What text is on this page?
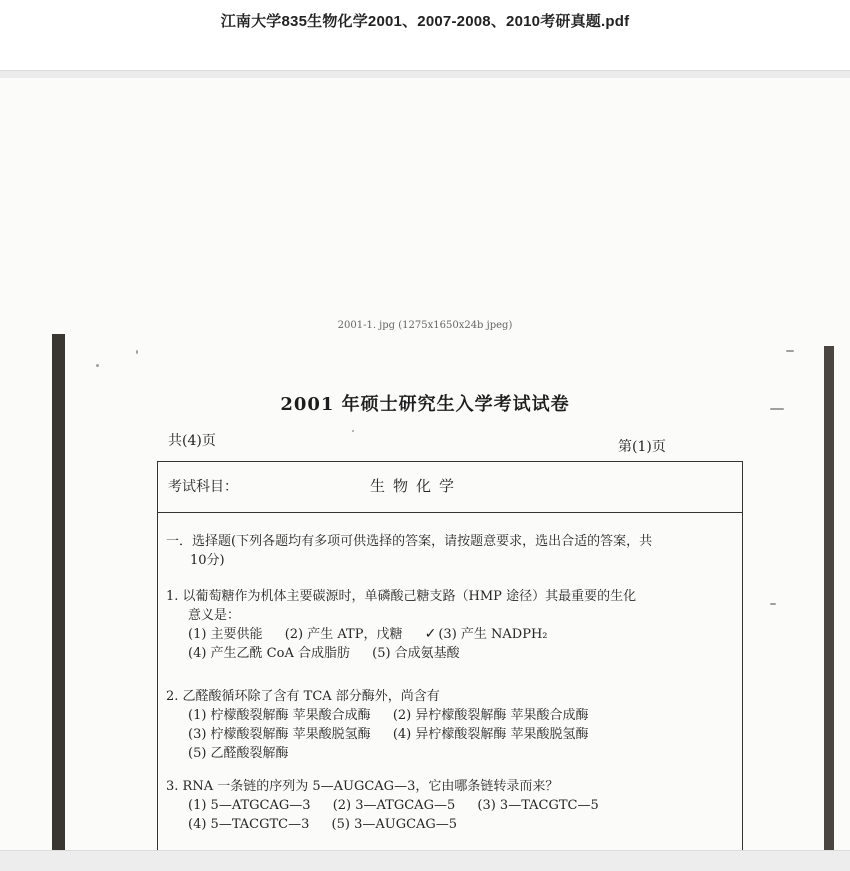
江南大学835生物化学2001、2007-2008、2010考研真题.pdf
2001-1. jpg (1275x1650x24b jpeg)
2001 年硕士研究生入学考试试卷
共(4)页	第(1)页
考试科目：	生物化学
一．选择题(下列各题均有多项可供选择的答案，请按题意要求，选出合适的答案，共
10分)
1. 以葡萄糖作为机体主要碳源时，单磷酸己糖支路（HMP 途径）其最重要的生化
意义是：
(1) 主要供能 (2) 产生 ATP，戊糖 ✓ (3) 产生 NADPH₂
(4) 产生乙酰 CoA 合成脂肪 (5) 合成氨基酸
2. 乙醛酸循环除了含有 TCA 部分酶外，尚含有
(1) 柠檬酸裂解酶 苹果酸合成酶 (2) 异柠檬酸裂解酶 苹果酸合成酶
(3) 柠檬酸裂解酶 苹果酸脱氢酶 (4) 异柠檬酸裂解酶 苹果酸脱氢酶
(5) 乙醛酸裂解酶
3. RNA 一条链的序列为 5—AUGCAG—3，它由哪条链转录而来？
(1) 5—ATGCAG—3 (2) 3—ATGCAG—5 (3) 3—TACGTC—5
(4) 5—TACGTC—3 (5) 3—AUGCAG—5
